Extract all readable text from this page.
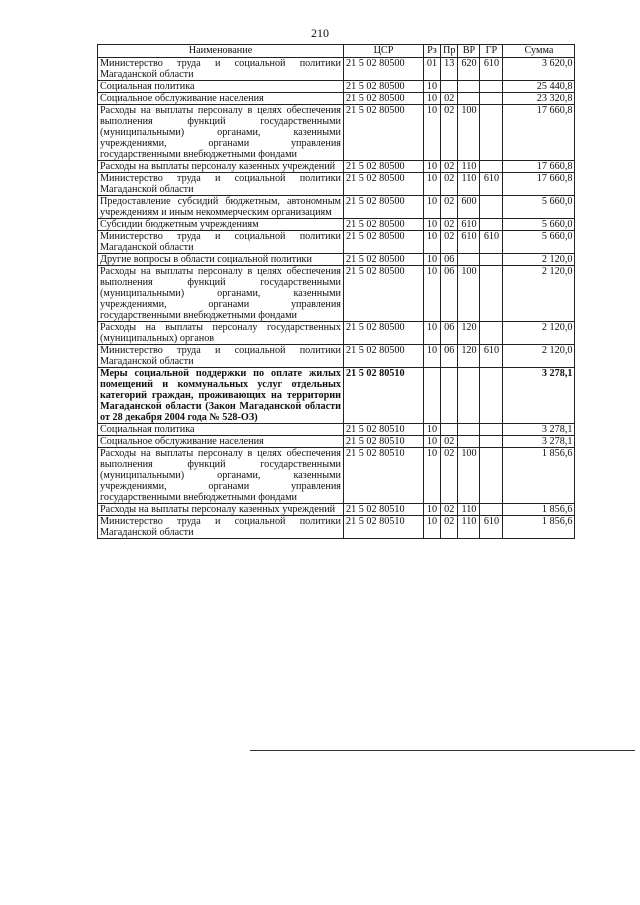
210
Наименование	ЦСР	Рз	Пр	ВР	ГР	Сумма
Министерство труда и социальной политики Магаданской области	21 5 02 80500	01	13	620	610	3 620,0
Социальная политика	21 5 02 80500	10				25 440,8
Социальное обслуживание населения	21 5 02 80500	10	02			23 320,8
Расходы на выплаты персоналу в целях обеспечения выполнения функций государственными (муниципальными) органами, казенными учреждениями, органами управления государственными внебюджетными фондами	21 5 02 80500	10	02	100		17 660,8
Расходы на выплаты персоналу казенных учреждений	21 5 02 80500	10	02	110		17 660,8
Министерство труда и социальной политики Магаданской области	21 5 02 80500	10	02	110	610	17 660,8
Предоставление субсидий бюджетным, автономным учреждениям и иным некоммерческим организациям	21 5 02 80500	10	02	600		5 660,0
Субсидии бюджетным учреждениям	21 5 02 80500	10	02	610		5 660,0
Министерство труда и социальной политики Магаданской области	21 5 02 80500	10	02	610	610	5 660,0
Другие вопросы в области социальной политики	21 5 02 80500	10	06			2 120,0
Расходы на выплаты персоналу в целях обеспечения выполнения функций государственными (муниципальными) органами, казенными учреждениями, органами управления государственными внебюджетными фондами	21 5 02 80500	10	06	100		2 120,0
Расходы на выплаты персоналу государственных (муниципальных) органов	21 5 02 80500	10	06	120		2 120,0
Министерство труда и социальной политики Магаданской области	21 5 02 80500	10	06	120	610	2 120,0
Меры социальной поддержки по оплате жилых помещений и коммунальных услуг отдельных категорий граждан, проживающих на территории Магаданской области (Закон Магаданской области от 28 декабря 2004 года № 528-ОЗ)	21 5 02 80510					3 278,1
Социальная политика	21 5 02 80510	10				3 278,1
Социальное обслуживание населения	21 5 02 80510	10	02			3 278,1
Расходы на выплаты персоналу в целях обеспечения выполнения функций государственными (муниципальными) органами, казенными учреждениями, органами управления государственными внебюджетными фондами	21 5 02 80510	10	02	100		1 856,6
Расходы на выплаты персоналу казенных учреждений	21 5 02 80510	10	02	110		1 856,6
Министерство труда и социальной политики Магаданской области	21 5 02 80510	10	02	110	610	1 856,6
